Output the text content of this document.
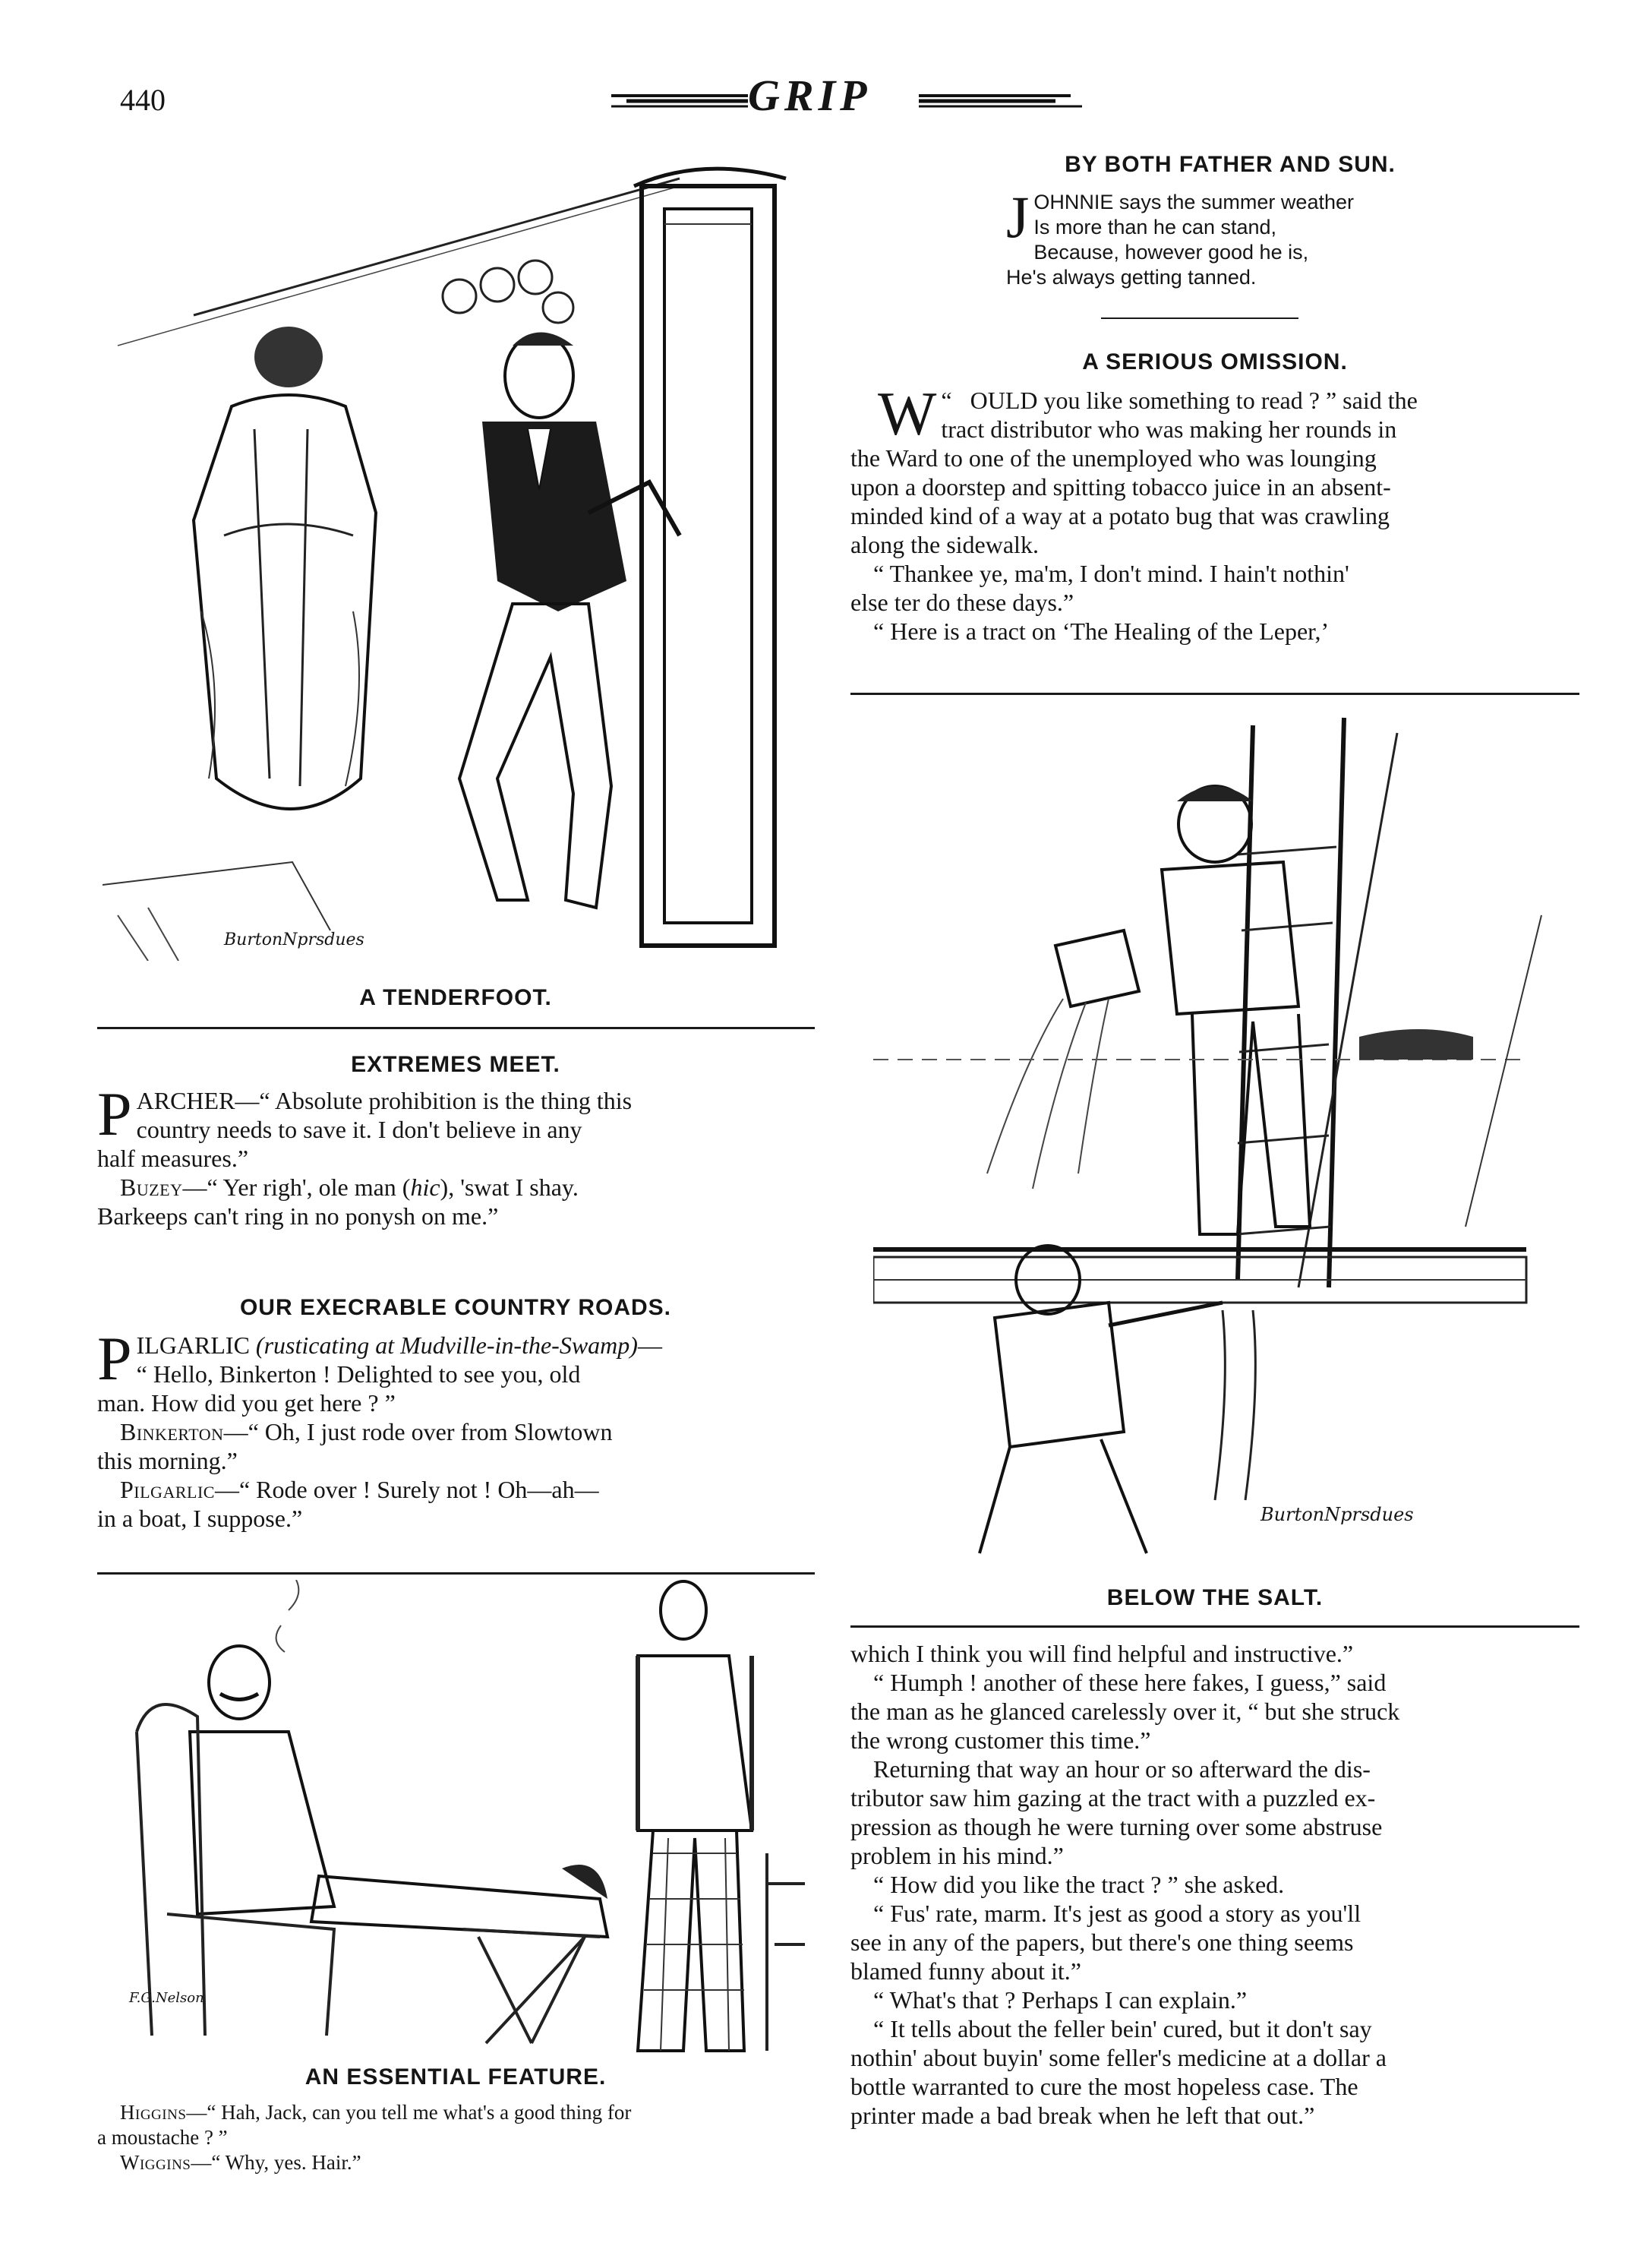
440	GRIP
BurtonNprsdues
A TENDERFOOT.
EXTREMES MEET.
P ARCHER—“ Absolute prohibition is the thing this
country needs to save it. I don't believe in any
half measures.”
Buzey—“ Yer righ', ole man (hic), 'swat I shay.
Barkeeps can't ring in no ponysh on me.”
OUR EXECRABLE COUNTRY ROADS.
P ILGARLIC (rusticating at Mudville-in-the-Swamp)—
“ Hello, Binkerton ! Delighted to see you, old
man. How did you get here ? ”
Binkerton—“ Oh, I just rode over from Slowtown
this morning.”
Pilgarlic—“ Rode over ! Surely not ! Oh—ah—
in a boat, I suppose.”
F.G.Nelson
AN ESSENTIAL FEATURE.
Higgins—“ Hah, Jack, can you tell me what's a good thing for
a moustache ? ”
Wiggins—“ Why, yes. Hair.”
BY BOTH FATHER AND SUN.
J OHNNIE says the summer weather
Is more than he can stand,
Because, however good he is,
He's always getting tanned.
A SERIOUS OMISSION.
W “  OULD you like something to read ? ” said the
tract distributor who was making her rounds in
the Ward to one of the unemployed who was lounging
upon a doorstep and spitting tobacco juice in an absent-
minded kind of a way at a potato bug that was crawling
along the sidewalk.
“ Thankee ye, ma'm, I don't mind. I hain't nothin'
else ter do these days.”
“ Here is a tract on ‘The Healing of the Leper,’
BurtonNprsdues
BELOW THE SALT.
which I think you will find helpful and instructive.”
“ Humph ! another of these here fakes, I guess,” said
the man as he glanced carelessly over it, “ but she struck
the wrong customer this time.”
Returning that way an hour or so afterward the dis-
tributor saw him gazing at the tract with a puzzled ex-
pression as though he were turning over some abstruse
problem in his mind.”
“ How did you like the tract ? ” she asked.
“ Fus' rate, marm. It's jest as good a story as you'll
see in any of the papers, but there's one thing seems
blamed funny about it.”
“ What's that ? Perhaps I can explain.”
“ It tells about the feller bein' cured, but it don't say
nothin' about buyin' some feller's medicine at a dollar a
bottle warranted to cure the most hopeless case. The
printer made a bad break when he left that out.”
